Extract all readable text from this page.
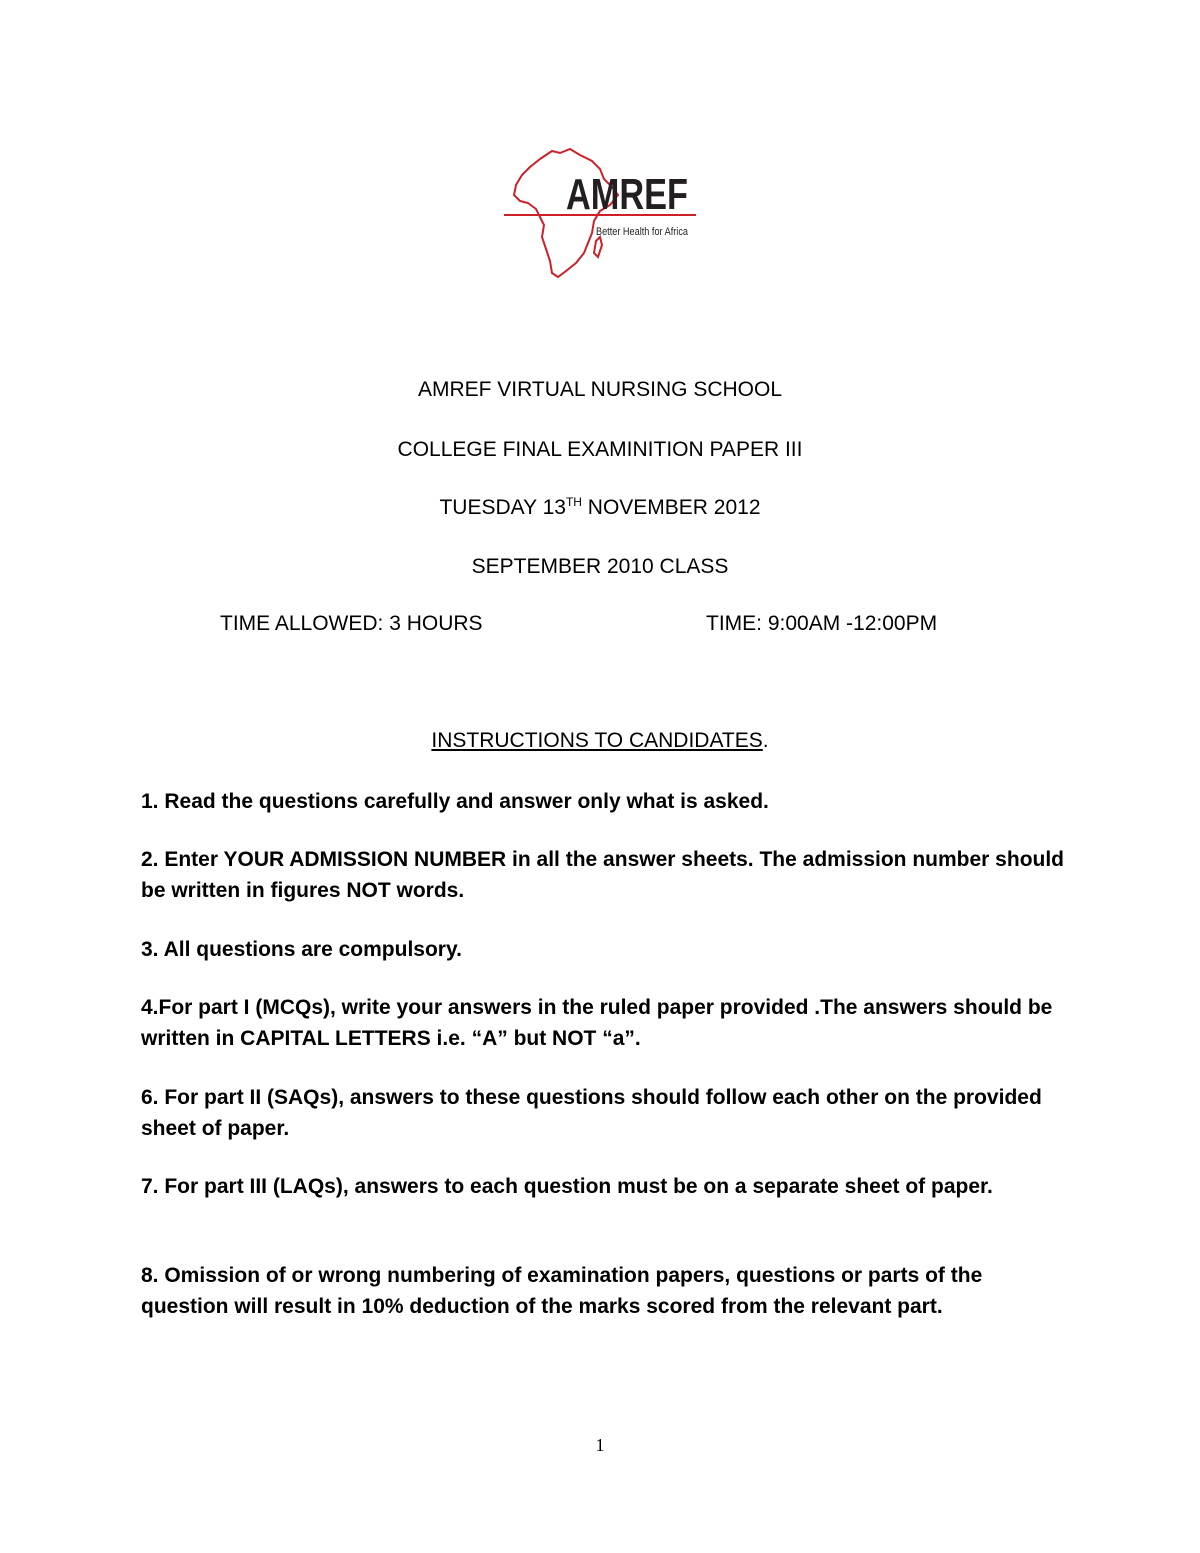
AMREF
Better Health for Africa
AMREF VIRTUAL NURSING SCHOOL
COLLEGE FINAL EXAMINITION PAPER III
TUESDAY 13TH NOVEMBER 2012
SEPTEMBER 2010 CLASS
TIME ALLOWED: 3 HOURS	TIME: 9:00AM -12:00PM
INSTRUCTIONS TO CANDIDATES.
1. Read the questions carefully and answer only what is asked.
2. Enter YOUR ADMISSION NUMBER in all the answer sheets. The admission number should be written in figures NOT words.
3. All questions are compulsory.
4.For part I (MCQs), write your answers in the ruled paper provided .The answers should be written in CAPITAL LETTERS i.e. “A” but NOT “a”.
6. For part II (SAQs), answers to these questions should follow each other on the provided sheet of paper.
7. For part III (LAQs), answers to each question must be on a separate sheet of paper.
8. Omission of or wrong numbering of examination papers, questions or parts of the question will result in 10% deduction of the marks scored from the relevant part.
1
